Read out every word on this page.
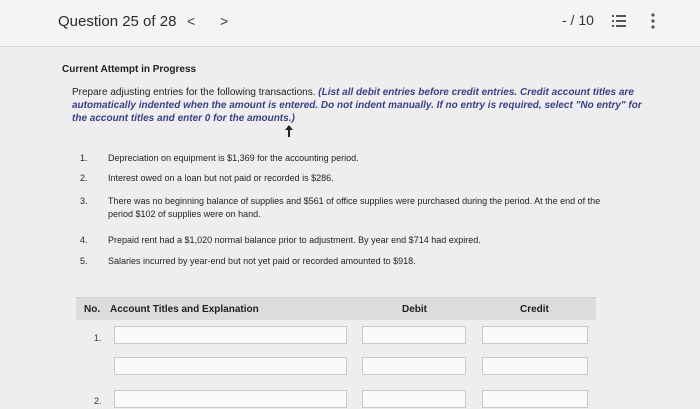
Question 25 of 28 < >	- / 10
Current Attempt in Progress
Prepare adjusting entries for the following transactions. (List all debit entries before credit entries. Credit account titles are automatically indented when the amount is entered. Do not indent manually. If no entry is required, select "No entry" for the account titles and enter 0 for the amounts.)
1. Depreciation on equipment is $1,369 for the accounting period.
2. Interest owed on a loan but not paid or recorded is $286.
3. There was no beginning balance of supplies and $561 of office supplies were purchased during the period. At the end of the
period $102 of supplies were on hand.
4. Prepaid rent had a $1,020 normal balance prior to adjustment. By year end $714 had expired.
5. Salaries incurred by year-end but not yet paid or recorded amounted to $918.
No. Account Titles and Explanation	Debit	Credit
1.
2.
